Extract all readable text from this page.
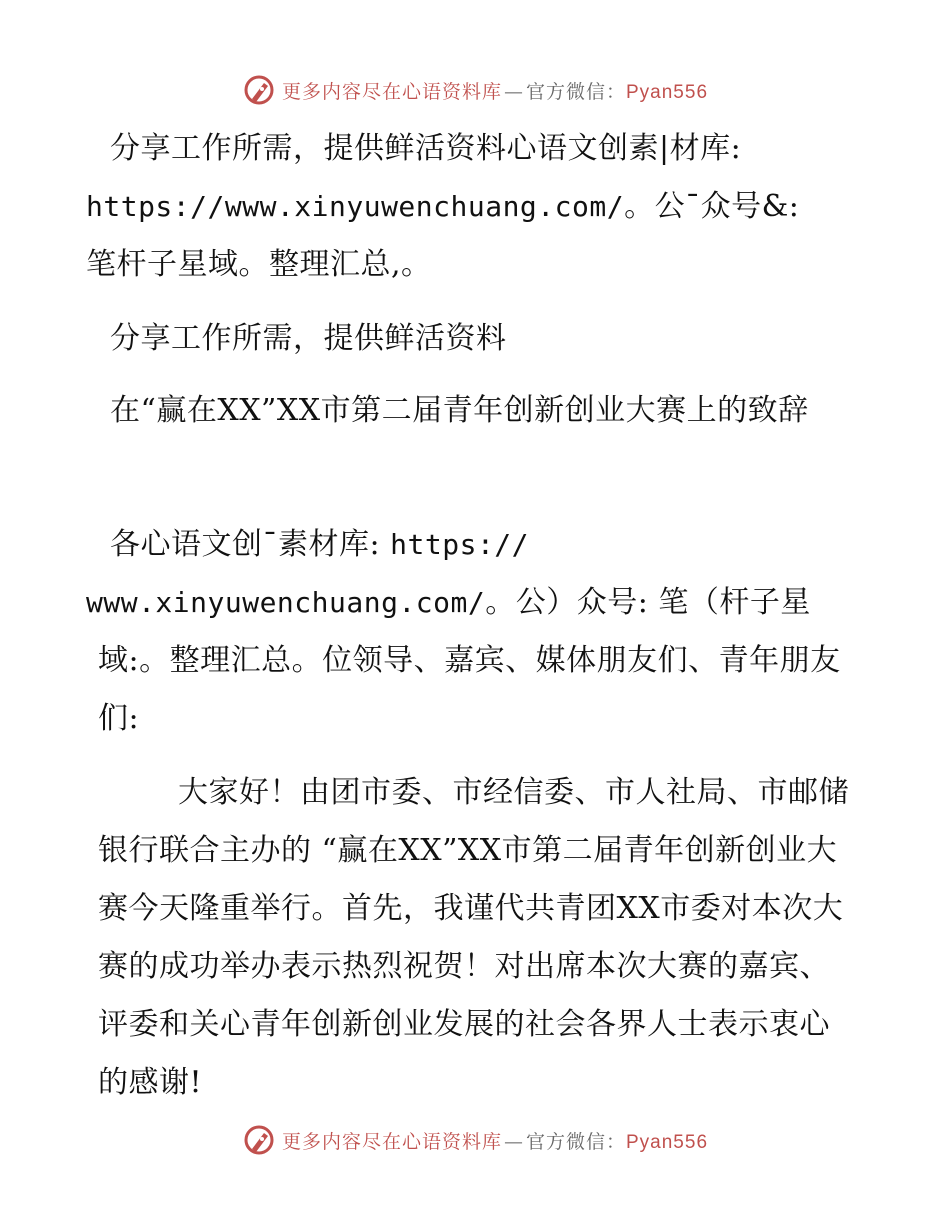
更多内容尽在心语资料库 — 官方微信：Pyan556
分享工作所需，提供鲜活资料心语文创素|材库:
https://www.xinyuwenchuang.com/。公¯众号&:
笔杆子星域。整理汇总,。
分享工作所需，提供鲜活资料
在“赢在XX”XX市第二届青年创新创业大赛上的致辞
各心语文创¯素材库: https://
www.xinyuwenchuang.com/。公）众号: 笔（杆子星域:。整理汇总。位领导、嘉宾、媒体朋友们、青年朋友们:
大家好！由团市委、市经信委、市人社局、市邮储银行联合主办的 “赢在XX”XX市第二届青年创新创业大赛今天隆重举行。首先，我谨代共青团XX市委对本次大赛的成功举办表示热烈祝贺！对出席本次大赛的嘉宾、评委和关心青年创新创业发展的社会各界人士表示衷心的感谢!
更多内容尽在心语资料库 — 官方微信：Pyan556
